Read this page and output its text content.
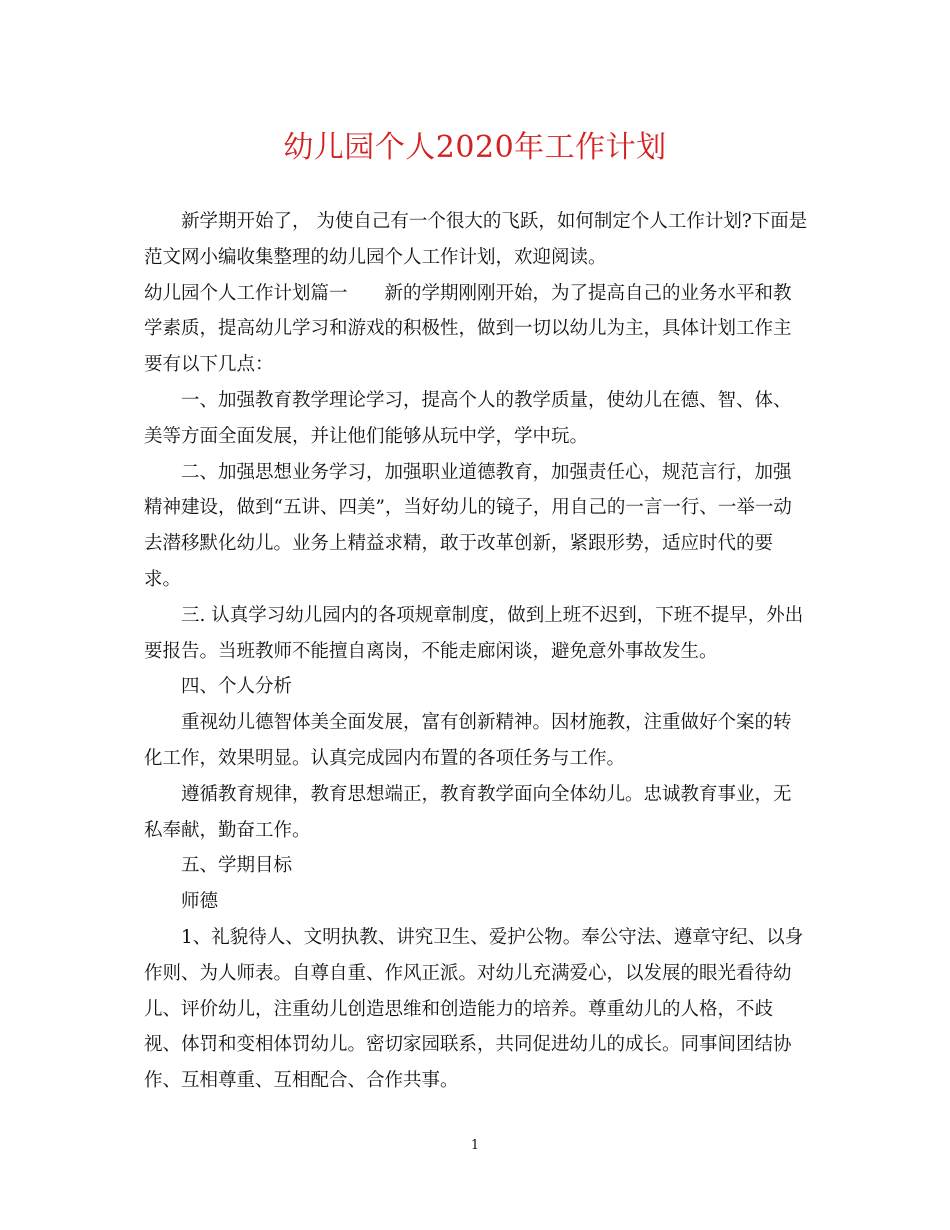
幼儿园个人2020年工作计划

新学期开始了， 为使自己有一个很大的飞跃，如何制定个人工作计划?下面是范文网小编收集整理的幼儿园个人工作计划，欢迎阅读。

幼儿园个人工作计划篇一　　新的学期刚刚开始，为了提高自己的业务水平和教学素质，提高幼儿学习和游戏的积极性，做到一切以幼儿为主，具体计划工作主要有以下几点：

一、加强教育教学理论学习，提高个人的教学质量，使幼儿在德、智、体、美等方面全面发展，并让他们能够从玩中学，学中玩。

二、加强思想业务学习，加强职业道德教育，加强责任心，规范言行，加强精神建设，做到“五讲、四美”，当好幼儿的镜子，用自己的一言一行、一举一动去潜移默化幼儿。业务上精益求精，敢于改革创新，紧跟形势，适应时代的要求。

三. 认真学习幼儿园内的各项规章制度，做到上班不迟到，下班不提早，外出要报告。当班教师不能擅自离岗，不能走廊闲谈，避免意外事故发生。

四、个人分析

重视幼儿德智体美全面发展，富有创新精神。因材施教，注重做好个案的转化工作，效果明显。认真完成园内布置的各项任务与工作。

遵循教育规律，教育思想端正，教育教学面向全体幼儿。忠诚教育事业，无私奉献，勤奋工作。

五、学期目标

师德

1、礼貌待人、文明执教、讲究卫生、爱护公物。奉公守法、遵章守纪、以身作则、为人师表。自尊自重、作风正派。对幼儿充满爱心，以发展的眼光看待幼儿、评价幼儿，注重幼儿创造思维和创造能力的培养。尊重幼儿的人格，不歧视、体罚和变相体罚幼儿。密切家园联系，共同促进幼儿的成长。同事间团结协作、互相尊重、互相配合、合作共事。

1
